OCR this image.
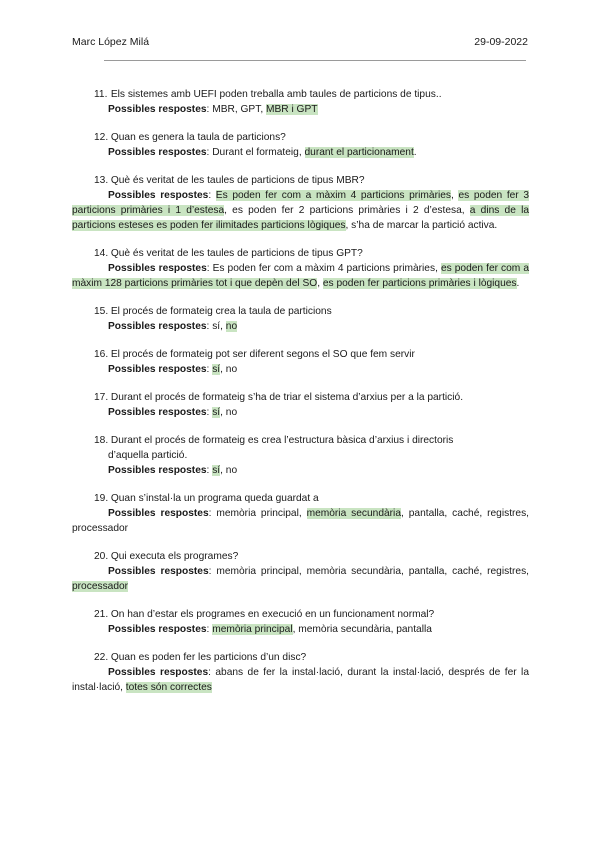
Marc López Milá	29-09-2022
11. Els sistemes amb UEFI poden treballa amb taules de particions de tipus..
Possibles respostes: MBR, GPT, MBR i GPT
12. Quan es genera la taula de particions?
Possibles respostes: Durant el formateig, durant el particionament.
13. Què és veritat de les taules de particions de tipus MBR?
Possibles respostes: Es poden fer com a màxim 4 particions primàries, es poden fer 3 particions primàries i 1 d’estesa, es poden fer 2 particions primàries i 2 d’estesa, a dins de la particions esteses es poden fer ilimitades particions lògiques, s’ha de marcar la partició activa.
14. Què és veritat de les taules de particions de tipus GPT?
Possibles respostes: Es poden fer com a màxim 4 particions primàries, es poden fer com a màxim 128 particions primàries tot i que depèn del SO, es poden fer particions primàries i lògiques.
15. El procés de formateig crea la taula de particions
Possibles respostes: sí, no
16. El procés de formateig pot ser diferent segons el SO que fem servir
Possibles respostes: sí, no
17. Durant el procés de formateig s’ha de triar el sistema d’arxius per a la partició.
Possibles respostes: sí, no
18. Durant el procés de formateig es crea l’estructura bàsica d’arxius i directoris
d’aquella partició.
Possibles respostes: sí, no
19. Quan s’instal·la un programa queda guardat a
Possibles respostes: memòria principal, memòria secundària, pantalla, caché, registres, processador
20. Qui executa els programes?
Possibles respostes: memòria principal, memòria secundària, pantalla, caché, registres, processador
21. On han d’estar els programes en execució en un funcionament normal?
Possibles respostes: memòria principal, memòria secundària, pantalla
22. Quan es poden fer les particions d’un disc?
Possibles respostes: abans de fer la instal·lació, durant la instal·lació, després de fer la instal·lació, totes són correctes
